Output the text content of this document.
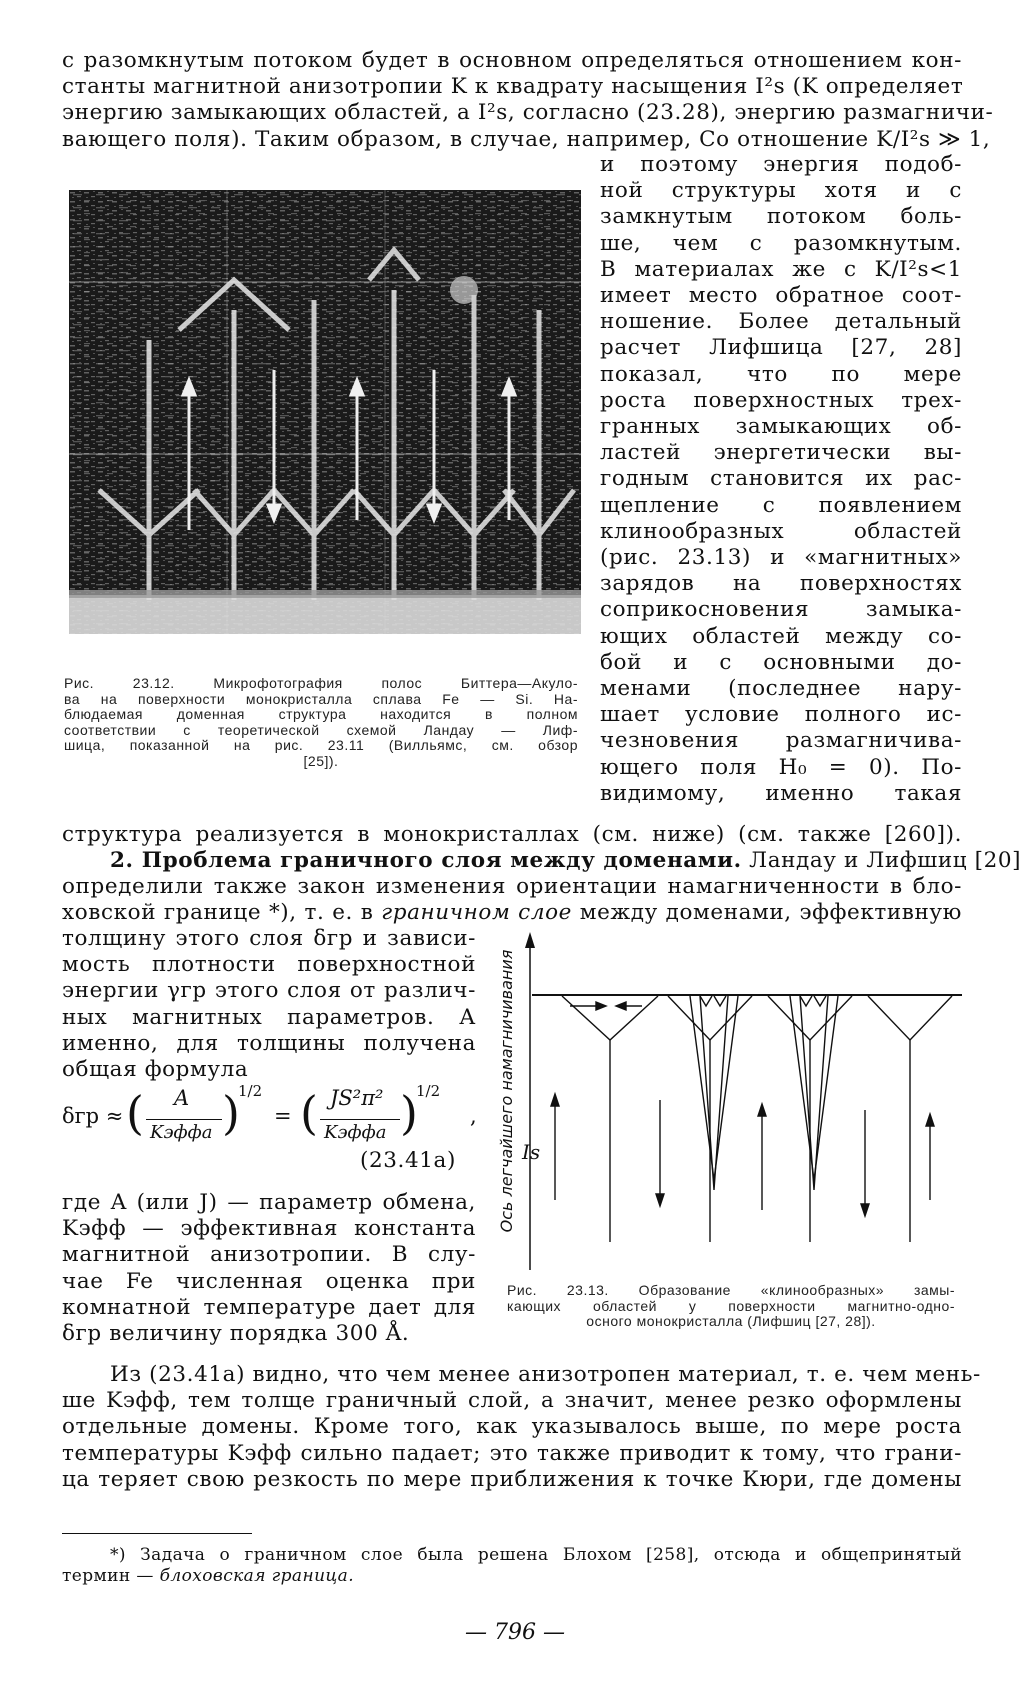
с разомкнутым потоком будет в основном определяться отношением кон-
станты магнитной анизотропии K к квадрату насыщения I²s (K определяет
энергию замыкающих областей, а I²s, согласно (23.28), энергию размагничи-
вающего поля). Таким образом, в случае, например, Co отношение K/I²s ≫ 1,
и поэтому энергия подоб-
ной структуры хотя и с
замкнутым потоком боль-
ше, чем с разомкнутым.
В материалах же с K/I²s<1
имеет место обратное соот-
ношение. Более детальный
расчет Лифшица [27, 28]
показал, что по мере
роста поверхностных трех-
гранных замыкающих об-
ластей энергетически вы-
годным становится их рас-
щепление с появлением
клинообразных областей
(рис. 23.13) и «магнитных»
зарядов на поверхностях
соприкосновения замыка-
ющих областей между со-
бой и с основными до-
менами (последнее нару-
шает условие полного ис-
чезновения размагничива-
ющего поля H₀ = 0). По-
видимому, именно такая
Рис. 23.12. Микрофотография полос Биттера—Акуло-
ва на поверхности монокристалла сплава Fe — Si. На-
блюдаемая доменная структура находится в полном
соответствии с теоретической схемой Ландау — Лиф-
шица, показанной на рис. 23.11 (Вилльямс, см. обзор
[25]).
структура реализуется в монокристаллах (см. ниже) (см. также [260]).
2. Проблема граничного слоя между доменами. Ландау и Лифшиц [20]
определили также закон изменения ориентации намагниченности в бло-
ховской границе *), т. е. в граничном слое между доменами, эффективную
толщину этого слоя δгр и зависи-
мость плотности поверхностной
энергии γгр этого слоя от различ-
ных магнитных параметров. А
именно, для толщины получена
общая формула
δгр ≈ ( A
Kэффa )
1/2
= ( JS²π²
Kэффa )
1/2
,
(23.41а)
где A (или J) — параметр обмена,
Kэфф — эффективная константа
магнитной анизотропии. В слу-
чае Fe численная оценка при
комнатной температуре дает для
δгр величину порядка 300 Å.
Ось легчайшего намагничивания Is
Рис. 23.13. Образование «клинообразных» замы-
кающих областей у поверхности магнитно-одно-
осного монокристалла (Лифшиц [27, 28]).
Из (23.41а) видно, что чем менее анизотропен материал, т. е. чем мень-
ше Kэфф, тем толще граничный слой, а значит, менее резко оформлены
отдельные домены. Кроме того, как указывалось выше, по мере роста
температуры Kэфф сильно падает; это также приводит к тому, что грани-
ца теряет свою резкость по мере приближения к точке Кюри, где домены
*) Задача о граничном слое была решена Блохом [258], отсюда и общепринятый
термин — блоховская граница.
— 796 —
